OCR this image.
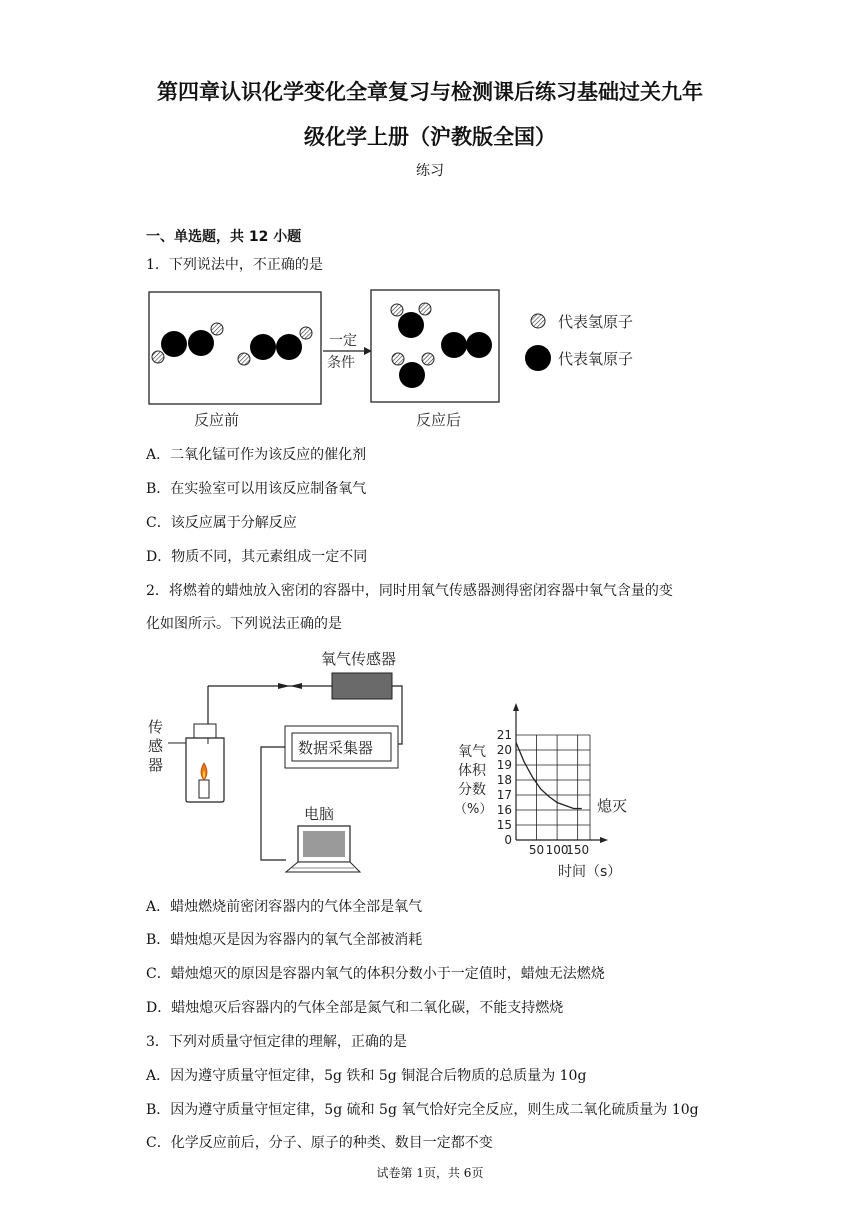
第四章认识化学变化全章复习与检测课后练习基础过关九年
级化学上册（沪教版全国）
练习
一、单选题，共 12 小题
1．下列说法中，不正确的是
一定
条件
代表氢原子
代表氧原子
反应前	反应后
A．二氧化锰可作为该反应的催化剂
B．在实验室可以用该反应制备氧气
C．该反应属于分解反应
D．物质不同，其元素组成一定不同
2．将燃着的蜡烛放入密闭的容器中，同时用氧气传感器测得密闭容器中氧气含量的变
化如图所示。下列说法正确的是
氧气传感器
数据采集器
电脑
传
感
器
氧气
体积
分数
（%）
21
20
19
18
17
16
15
0
50 100
150
熄灭
时间（s）
A．蜡烛燃烧前密闭容器内的气体全部是氧气
B．蜡烛熄灭是因为容器内的氧气全部被消耗
C．蜡烛熄灭的原因是容器内氧气的体积分数小于一定值时，蜡烛无法燃烧
D．蜡烛熄灭后容器内的气体全部是氮气和二氧化碳，不能支持燃烧
3．下列对质量守恒定律的理解，正确的是
A．因为遵守质量守恒定律，5g 铁和 5g 铜混合后物质的总质量为 10g
B．因为遵守质量守恒定律，5g 硫和 5g 氧气恰好完全反应，则生成二氧化硫质量为 10g
C．化学反应前后，分子、原子的种类、数目一定都不变
试卷第 1页，共 6页
